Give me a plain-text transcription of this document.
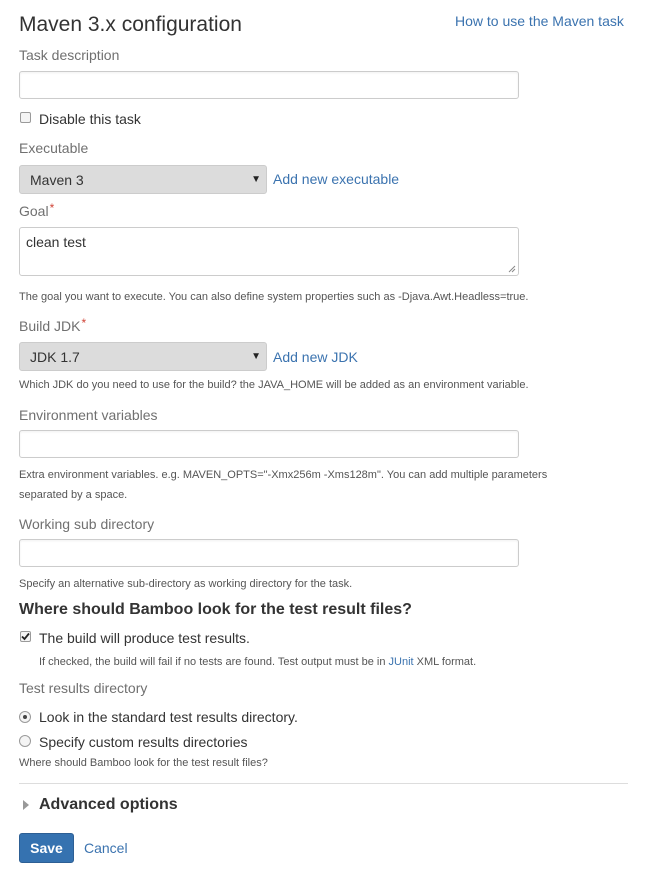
Maven 3.x configuration	How to use the Maven task
Task description
Disable this task
Executable
Maven 3	▼ Add new executable
Goal*
clean test
The goal you want to execute. You can also define system properties such as -Djava.Awt.Headless=true.
Build JDK*
JDK 1.7	▼ Add new JDK
Which JDK do you need to use for the build? the JAVA_HOME will be added as an environment variable.
Environment variables
Extra environment variables. e.g. MAVEN_OPTS="-Xmx256m -Xms128m". You can add multiple parameters
separated by a space.
Working sub directory
Specify an alternative sub-directory as working directory for the task.
Where should Bamboo look for the test result files?
The build will produce test results.
If checked, the build will fail if no tests are found. Test output must be in JUnit XML format.
Test results directory
Look in the standard test results directory.
Specify custom results directories
Where should Bamboo look for the test result files?
Advanced options
Save	Cancel
